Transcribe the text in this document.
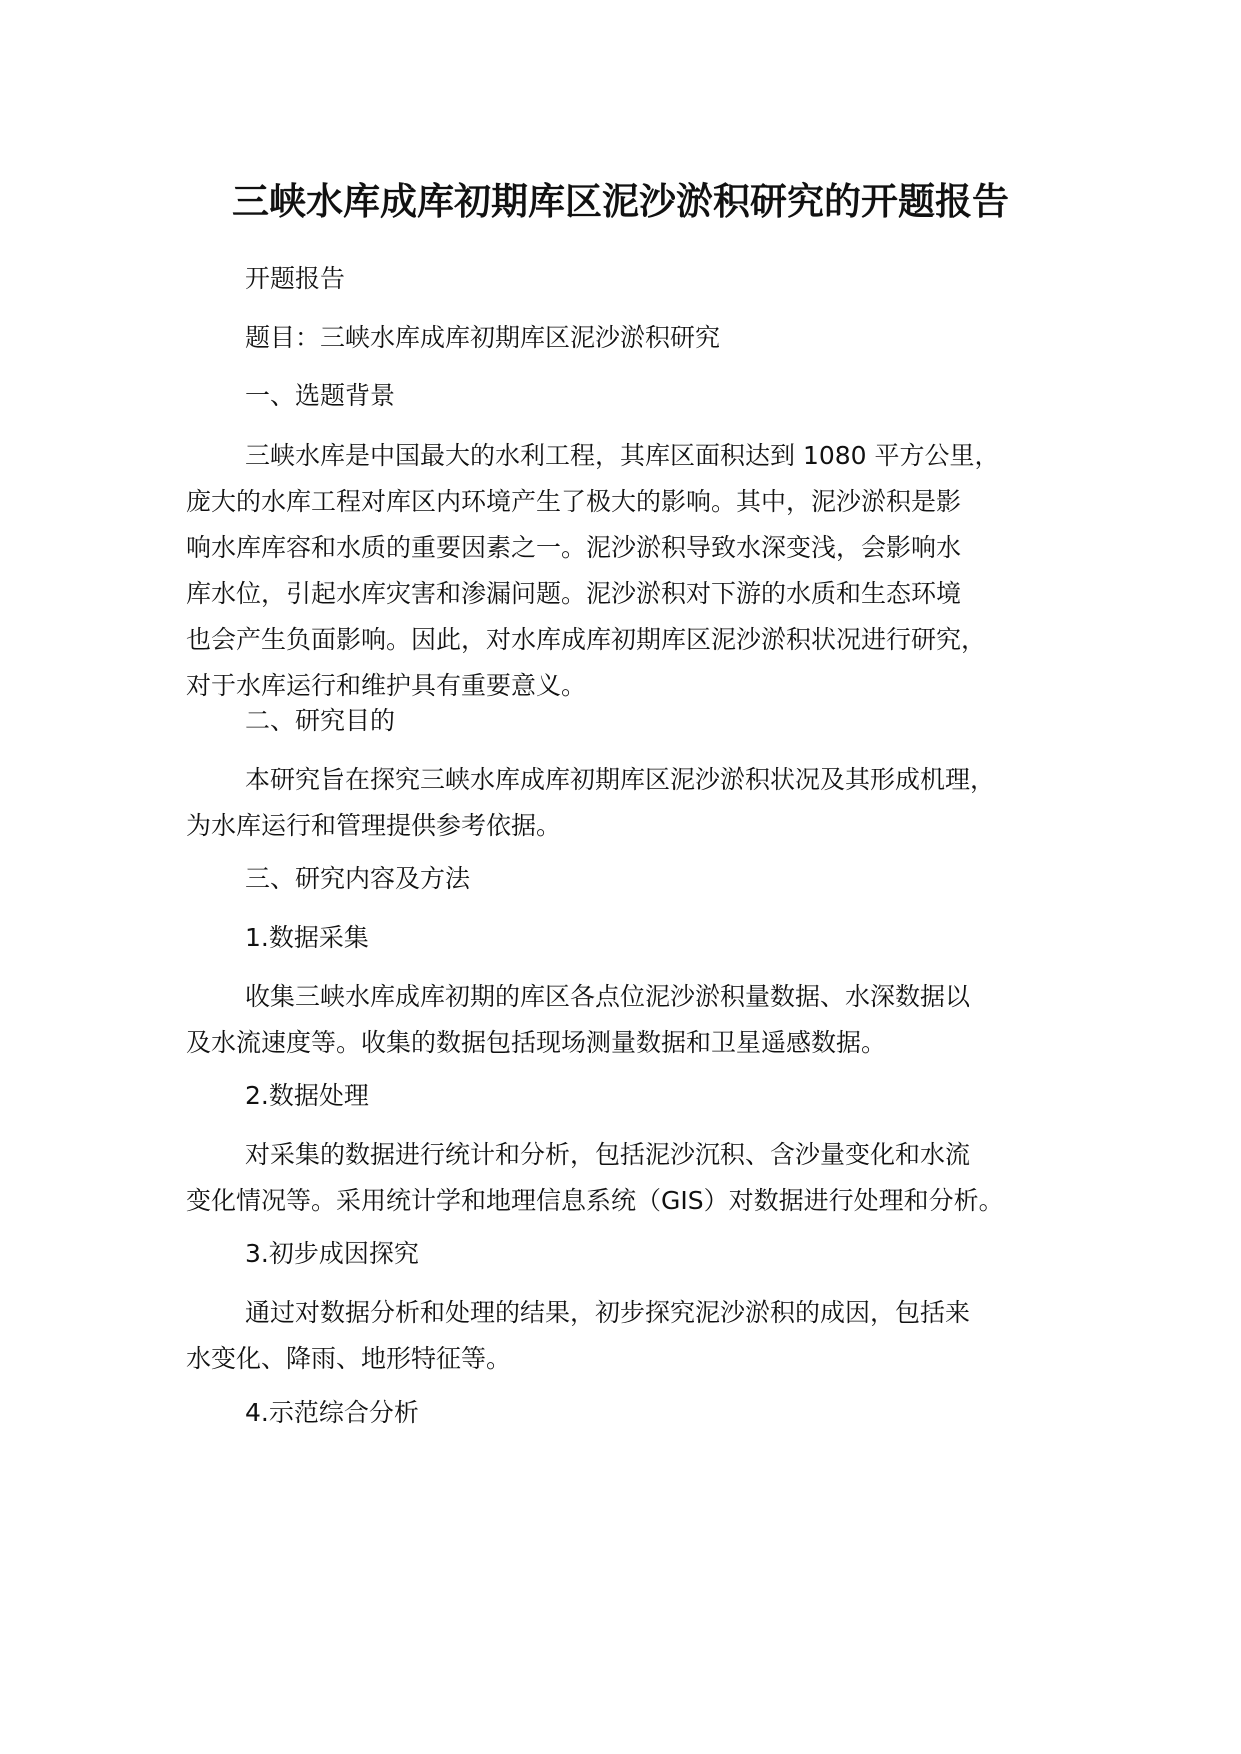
三峡水库成库初期库区泥沙淤积研究的开题报告

开题报告

题目：三峡水库成库初期库区泥沙淤积研究

一、选题背景

三峡水库是中国最大的水利工程，其库区面积达到 1080 平方公里，
庞大的水库工程对库区内环境产生了极大的影响。其中，泥沙淤积是影
响水库库容和水质的重要因素之一。泥沙淤积导致水深变浅，会影响水
库水位，引起水库灾害和渗漏问题。泥沙淤积对下游的水质和生态环境
也会产生负面影响。因此，对水库成库初期库区泥沙淤积状况进行研究，
对于水库运行和维护具有重要意义。

二、研究目的

本研究旨在探究三峡水库成库初期库区泥沙淤积状况及其形成机理，
为水库运行和管理提供参考依据。

三、研究内容及方法

1.数据采集

收集三峡水库成库初期的库区各点位泥沙淤积量数据、水深数据以
及水流速度等。收集的数据包括现场测量数据和卫星遥感数据。

2.数据处理

对采集的数据进行统计和分析，包括泥沙沉积、含沙量变化和水流
变化情况等。采用统计学和地理信息系统（GIS）对数据进行处理和分析。

3.初步成因探究

通过对数据分析和处理的结果，初步探究泥沙淤积的成因，包括来
水变化、降雨、地形特征等。

4.示范综合分析
